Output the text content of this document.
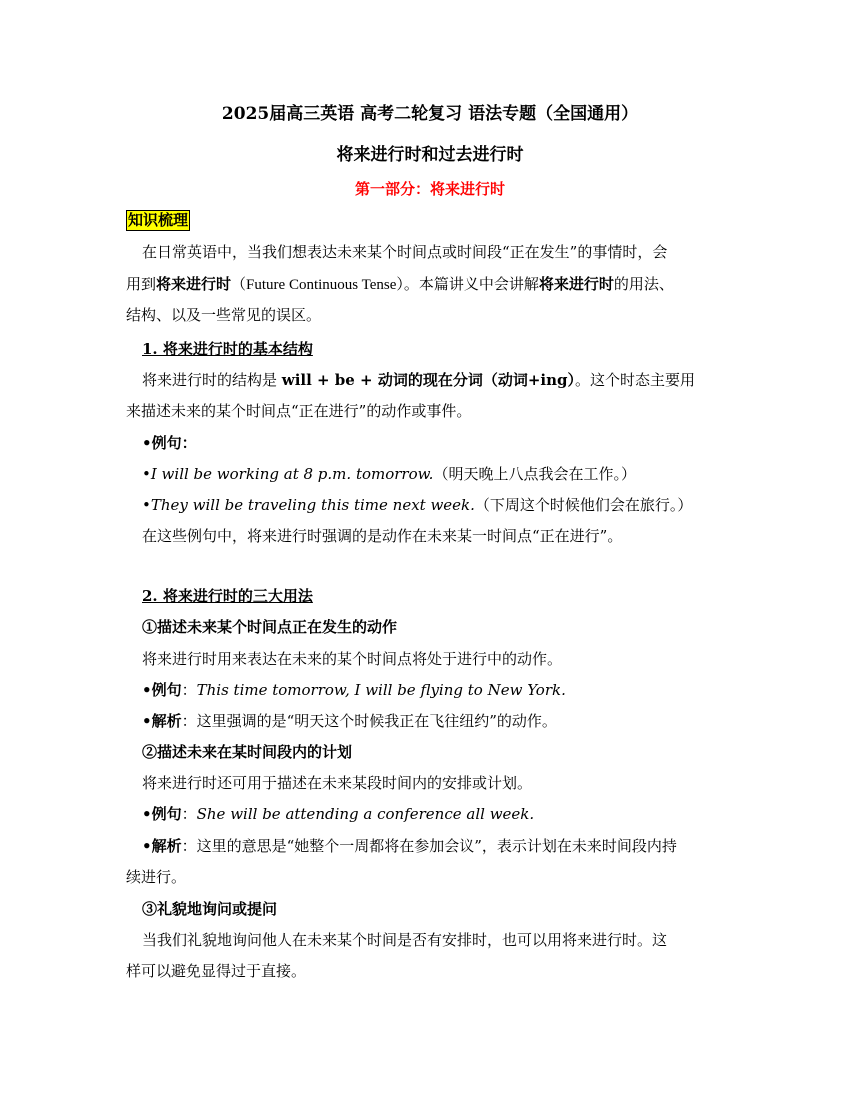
2025届高三英语 高考二轮复习 语法专题（全国通用）
将来进行时和过去进行时
第一部分：将来进行时
知识梳理
在日常英语中，当我们想表达未来某个时间点或时间段“正在发生”的事情时，会
用到将来进行时（Future Continuous Tense）。本篇讲义中会讲解将来进行时的用法、
结构、以及一些常见的误区。
1. 将来进行时的基本结构
将来进行时的结构是 will + be + 动词的现在分词（动词+ing）。这个时态主要用
来描述未来的某个时间点“正在进行”的动作或事件。
•例句：
•I will be working at 8 p.m. tomorrow.（明天晚上八点我会在工作。）
•They will be traveling this time next week.（下周这个时候他们会在旅行。）
在这些例句中，将来进行时强调的是动作在未来某一时间点“正在进行”。
2. 将来进行时的三大用法
①描述未来某个时间点正在发生的动作
将来进行时用来表达在未来的某个时间点将处于进行中的动作。
•例句：This time tomorrow, I will be flying to New York.
•解析：这里强调的是“明天这个时候我正在飞往纽约”的动作。
②描述未来在某时间段内的计划
将来进行时还可用于描述在未来某段时间内的安排或计划。
•例句：She will be attending a conference all week.
•解析：这里的意思是“她整个一周都将在参加会议”，表示计划在未来时间段内持
续进行。
③礼貌地询问或提问
当我们礼貌地询问他人在未来某个时间是否有安排时，也可以用将来进行时。这
样可以避免显得过于直接。
